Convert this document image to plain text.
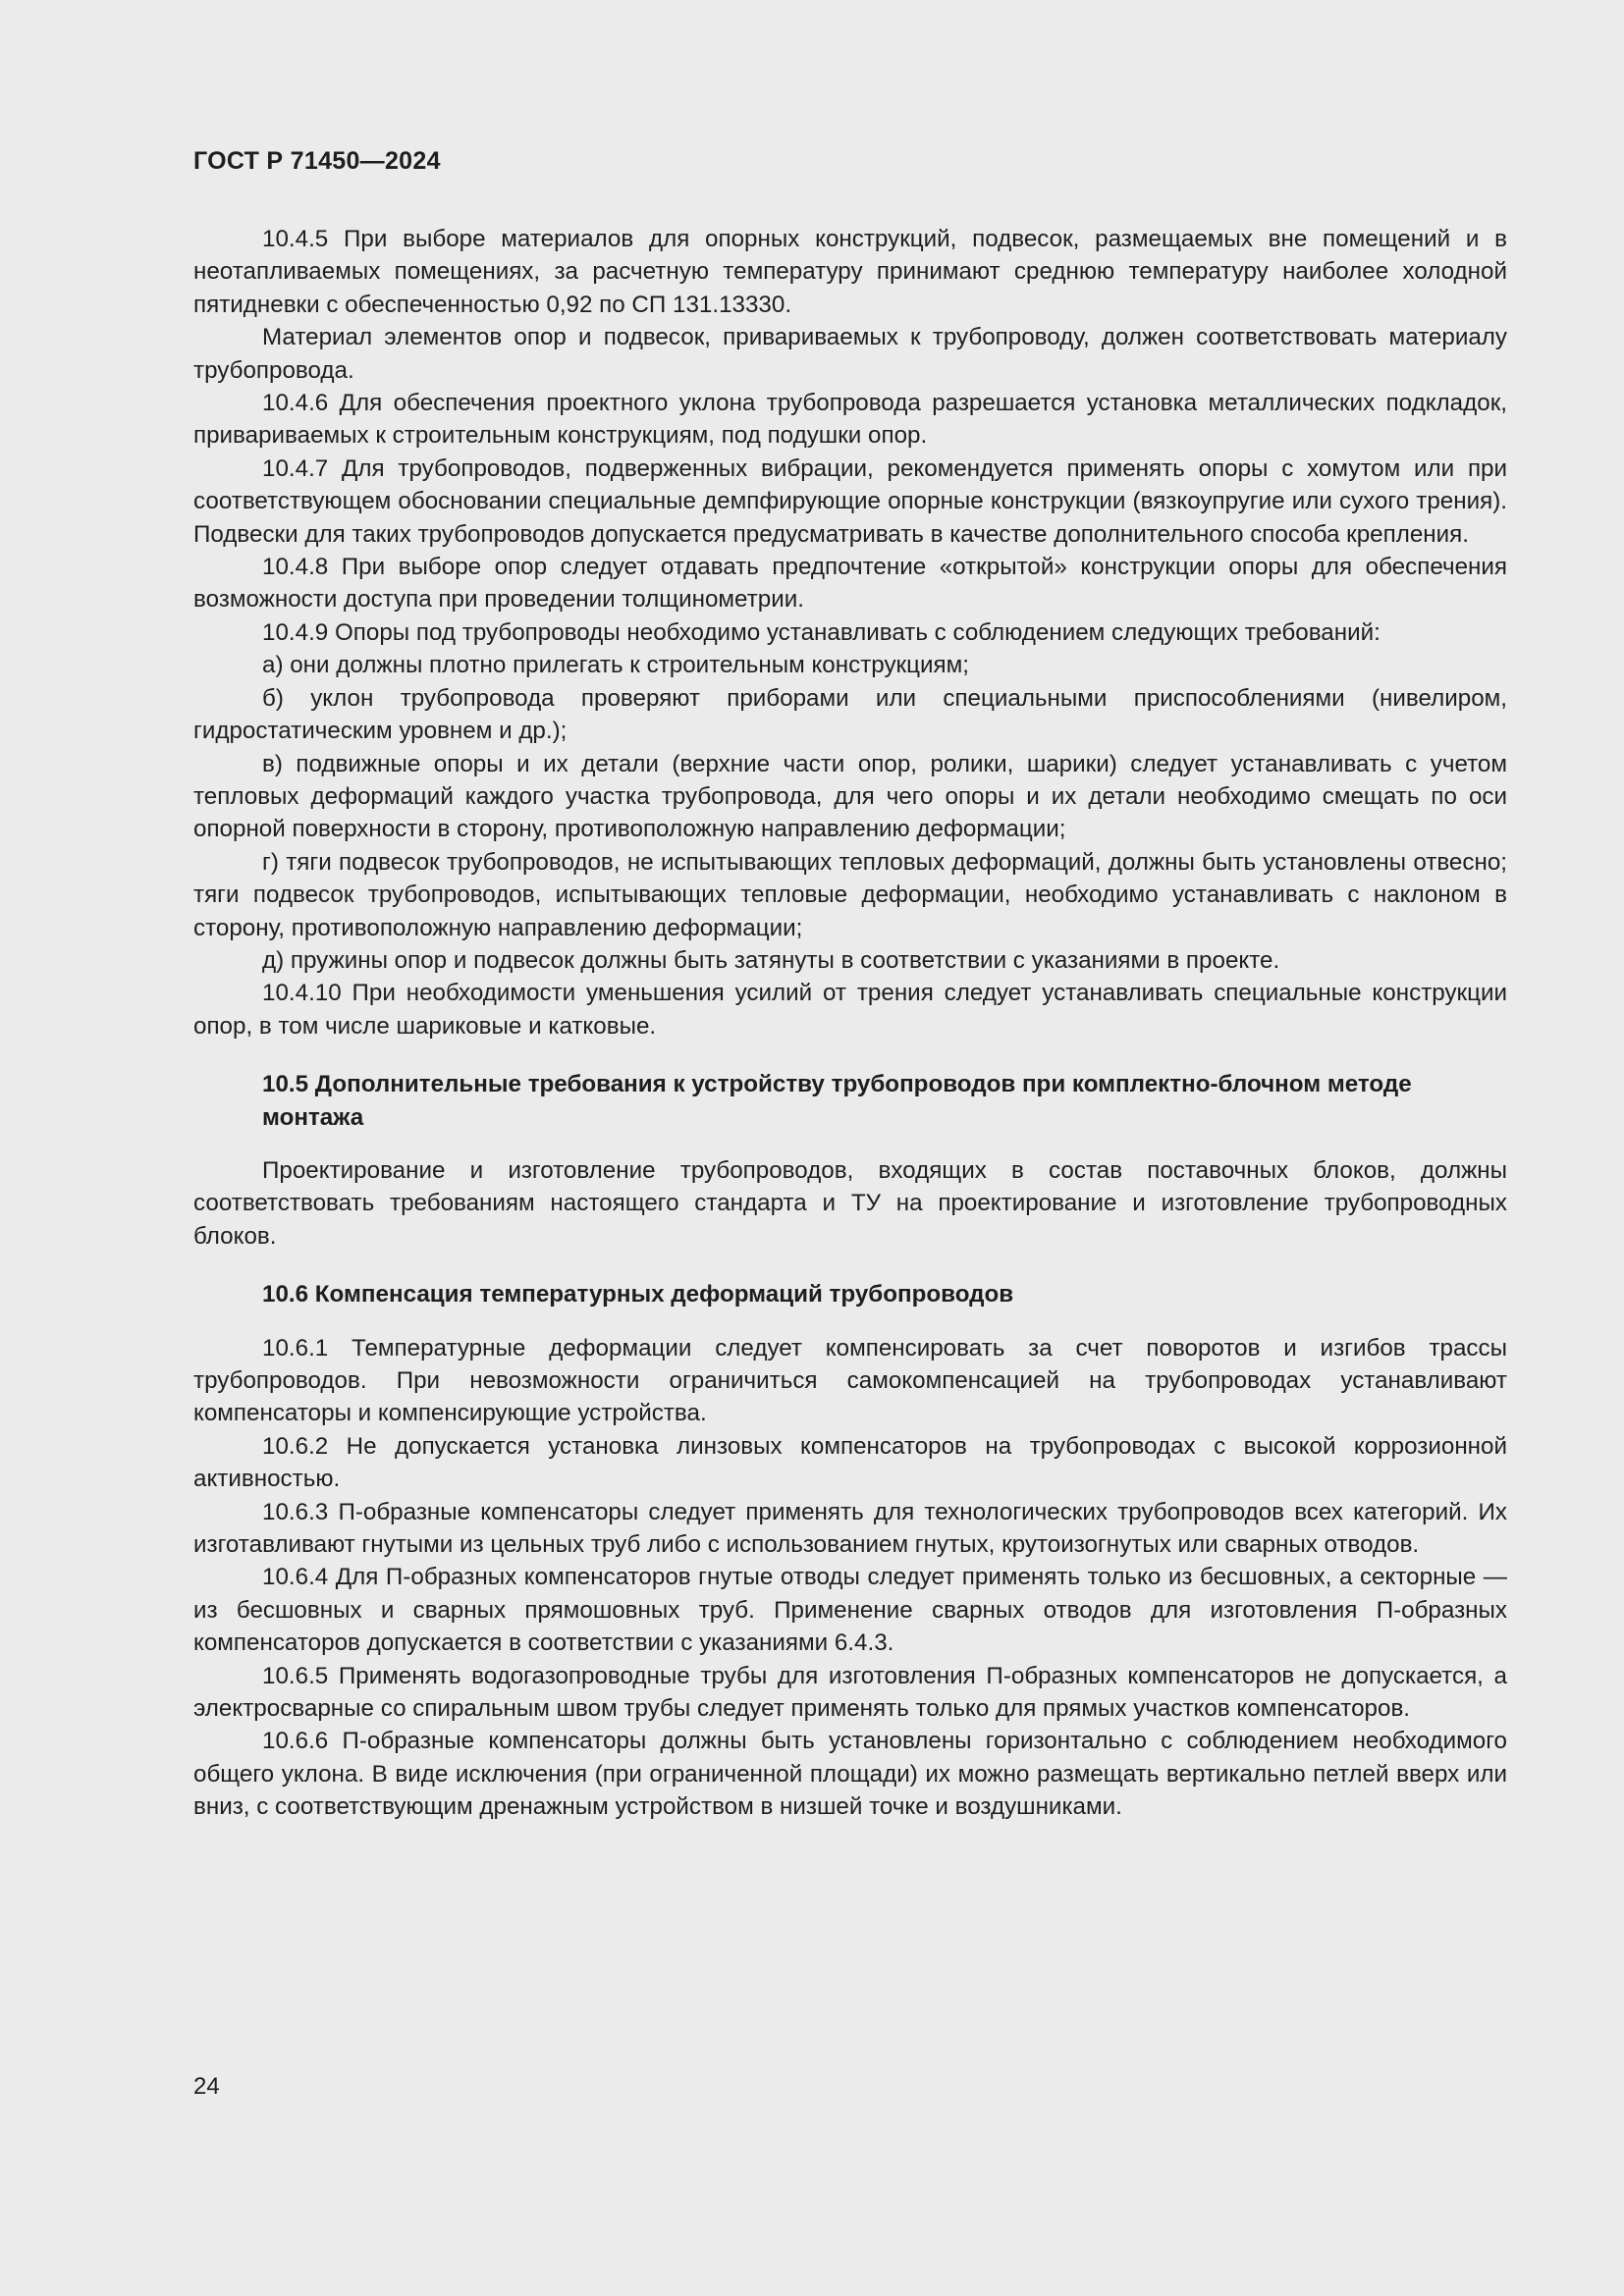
ГОСТ Р 71450—2024

10.4.5 При выборе материалов для опорных конструкций, подвесок, размещаемых вне помещений и в неотапливаемых помещениях, за расчетную температуру принимают среднюю температуру наиболее холодной пятидневки с обеспеченностью 0,92 по СП 131.13330.

Материал элементов опор и подвесок, привариваемых к трубопроводу, должен соответствовать материалу трубопровода.

10.4.6 Для обеспечения проектного уклона трубопровода разрешается установка металлических подкладок, привариваемых к строительным конструкциям, под подушки опор.

10.4.7 Для трубопроводов, подверженных вибрации, рекомендуется применять опоры с хомутом или при соответствующем обосновании специальные демпфирующие опорные конструкции (вязкоупругие или сухого трения). Подвески для таких трубопроводов допускается предусматривать в качестве дополнительного способа крепления.

10.4.8 При выборе опор следует отдавать предпочтение «открытой» конструкции опоры для обеспечения возможности доступа при проведении толщинометрии.

10.4.9 Опоры под трубопроводы необходимо устанавливать с соблюдением следующих требований:

а) они должны плотно прилегать к строительным конструкциям;

б) уклон трубопровода проверяют приборами или специальными приспособлениями (нивелиром, гидростатическим уровнем и др.);

в) подвижные опоры и их детали (верхние части опор, ролики, шарики) следует устанавливать с учетом тепловых деформаций каждого участка трубопровода, для чего опоры и их детали необходимо смещать по оси опорной поверхности в сторону, противоположную направлению деформации;

г) тяги подвесок трубопроводов, не испытывающих тепловых деформаций, должны быть установлены отвесно; тяги подвесок трубопроводов, испытывающих тепловые деформации, необходимо устанавливать с наклоном в сторону, противоположную направлению деформации;

д) пружины опор и подвесок должны быть затянуты в соответствии с указаниями в проекте.

10.4.10 При необходимости уменьшения усилий от трения следует устанавливать специальные конструкции опор, в том числе шариковые и катковые.

10.5 Дополнительные требования к устройству трубопроводов при комплектно-блочном методе монтажа

Проектирование и изготовление трубопроводов, входящих в состав поставочных блоков, должны соответствовать требованиям настоящего стандарта и ТУ на проектирование и изготовление трубопроводных блоков.

10.6 Компенсация температурных деформаций трубопроводов

10.6.1 Температурные деформации следует компенсировать за счет поворотов и изгибов трассы трубопроводов. При невозможности ограничиться самокомпенсацией на трубопроводах устанавливают компенсаторы и компенсирующие устройства.

10.6.2 Не допускается установка линзовых компенсаторов на трубопроводах с высокой коррозионной активностью.

10.6.3 П-образные компенсаторы следует применять для технологических трубопроводов всех категорий. Их изготавливают гнутыми из цельных труб либо с использованием гнутых, крутоизогнутых или сварных отводов.

10.6.4 Для П-образных компенсаторов гнутые отводы следует применять только из бесшовных, а секторные — из бесшовных и сварных прямошовных труб. Применение сварных отводов для изготовления П-образных компенсаторов допускается в соответствии с указаниями 6.4.3.

10.6.5 Применять водогазопроводные трубы для изготовления П-образных компенсаторов не допускается, а электросварные со спиральным швом трубы следует применять только для прямых участков компенсаторов.

10.6.6 П-образные компенсаторы должны быть установлены горизонтально с соблюдением необходимого общего уклона. В виде исключения (при ограниченной площади) их можно размещать вертикально петлей вверх или вниз, с соответствующим дренажным устройством в низшей точке и воздушниками.

24
